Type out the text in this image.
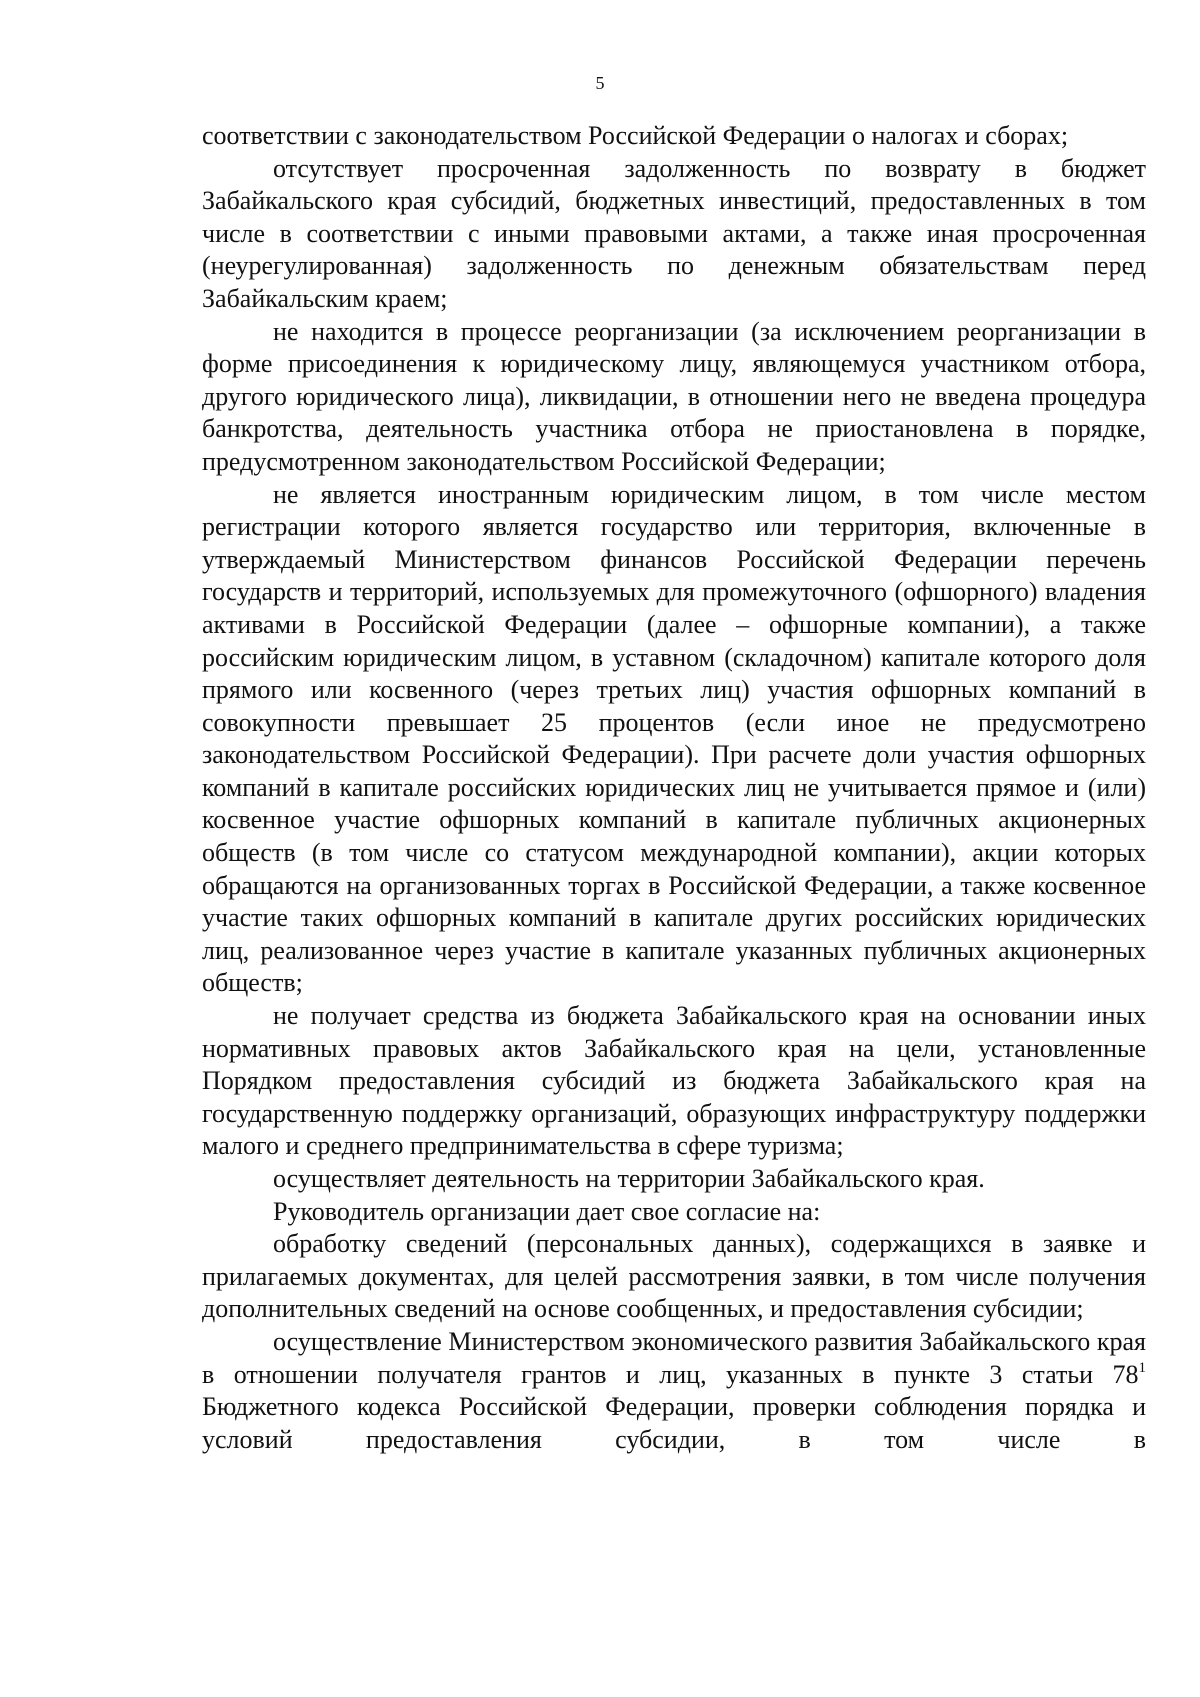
5

соответствии с законодательством Российской Федерации о налогах и сборах;

отсутствует просроченная задолженность по возврату в бюджет Забайкальского края субсидий, бюджетных инвестиций, предоставленных в том числе в соответствии с иными правовыми актами, а также иная просроченная (неурегулированная) задолженность по денежным обязательствам перед Забайкальским краем;

не находится в процессе реорганизации (за исключением реорганизации в форме присоединения к юридическому лицу, являющемуся участником отбора, другого юридического лица), ликвидации, в отношении него не введена процедура банкротства, деятельность участника отбора не приостановлена в порядке, предусмотренном законодательством Российской Федерации;

не является иностранным юридическим лицом, в том числе местом регистрации которого является государство или территория, включенные в утверждаемый Министерством финансов Российской Федерации перечень государств и территорий, используемых для промежуточного (офшорного) владения активами в Российской Федерации (далее – офшорные компании), а также российским юридическим лицом, в уставном (складочном) капитале которого доля прямого или косвенного (через третьих лиц) участия офшорных компаний в совокупности превышает 25 процентов (если иное не предусмотрено законодательством Российской Федерации). При расчете доли участия офшорных компаний в капитале российских юридических лиц не учитывается прямое и (или) косвенное участие офшорных компаний в капитале публичных акционерных обществ (в том числе со статусом международной компании), акции которых обращаются на организованных торгах в Российской Федерации, а также косвенное участие таких офшорных компаний в капитале других российских юридических лиц, реализованное через участие в капитале указанных публичных акционерных обществ;

не получает средства из бюджета Забайкальского края на основании иных нормативных правовых актов Забайкальского края на цели, установленные Порядком предоставления субсидий из бюджета Забайкальского края на государственную поддержку организаций, образующих инфраструктуру поддержки малого и среднего предпринимательства в сфере туризма;

осуществляет деятельность на территории Забайкальского края.

Руководитель организации дает свое согласие на:

обработку сведений (персональных данных), содержащихся в заявке и прилагаемых документах, для целей рассмотрения заявки, в том числе получения дополнительных сведений на основе сообщенных, и предоставления субсидии;

осуществление Министерством экономического развития Забайкальского края в отношении получателя грантов и лиц, указанных в пункте 3 статьи $78^1$ Бюджетного кодекса Российской Федерации, проверки соблюдения порядка и условий предоставления субсидии, в том числе в
